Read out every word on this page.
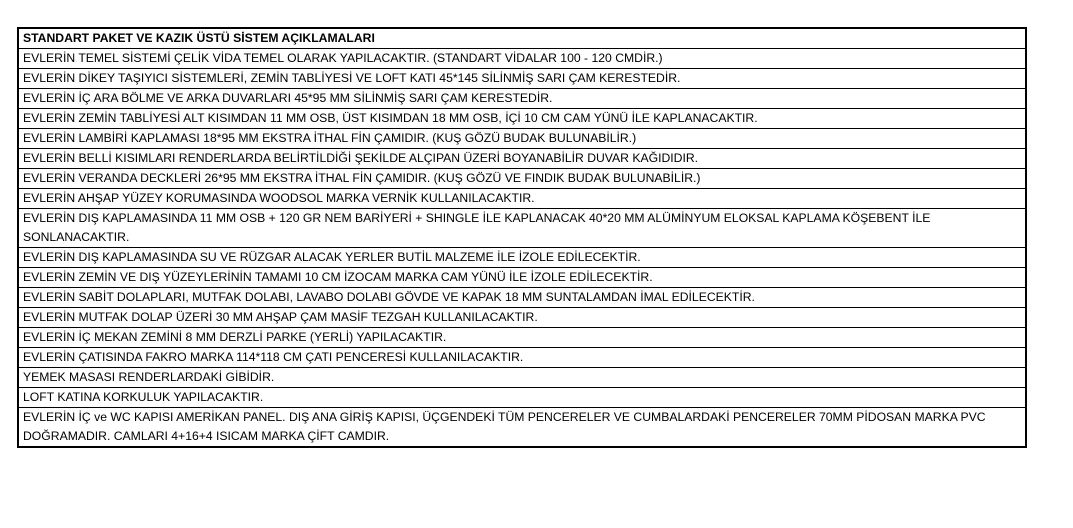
STANDART PAKET VE KAZIK ÜSTÜ SİSTEM AÇIKLAMALARI
EVLERİN TEMEL SİSTEMİ ÇELİK VİDA TEMEL OLARAK YAPILACAKTIR. (STANDART VİDALAR 100 - 120 CMDİR.)
EVLERİN DİKEY TAŞIYICI SİSTEMLERİ, ZEMİN TABLİYESİ VE LOFT KATI 45*145 SİLİNMİŞ SARI ÇAM KERESTEDİR.
EVLERİN İÇ ARA BÖLME VE ARKA DUVARLARI 45*95 MM SİLİNMİŞ SARI ÇAM KERESTEDİR.
EVLERİN ZEMİN TABLİYESİ ALT KISIMDAN 11 MM OSB, ÜST KISIMDAN 18 MM OSB, İÇİ 10 CM CAM YÜNÜ İLE KAPLANACAKTIR.
EVLERİN LAMBİRİ KAPLAMASI 18*95 MM EKSTRA İTHAL FİN ÇAMIDIR. (KUŞ GÖZÜ BUDAK BULUNABİLİR.)
EVLERİN BELLİ KISIMLARI RENDERLARDA BELİRTİLDİĞİ ŞEKİLDE ALÇIPAN ÜZERİ BOYANABİLİR DUVAR KAĞIDIDIR.
EVLERİN VERANDA DECKLERİ 26*95 MM EKSTRA İTHAL FİN ÇAMIDIR. (KUŞ GÖZÜ VE FINDIK BUDAK BULUNABİLİR.)
EVLERİN AHŞAP YÜZEY KORUMASINDA WOODSOL MARKA VERNİK KULLANILACAKTIR.
EVLERİN DIŞ KAPLAMASINDA 11 MM OSB + 120 GR NEM BARİYERİ + SHINGLE İLE KAPLANACAK 40*20 MM ALÜMİNYUM ELOKSAL KAPLAMA KÖŞEBENT İLE SONLANACAKTIR.
EVLERİN DIŞ KAPLAMASINDA SU VE RÜZGAR ALACAK YERLER BUTİL MALZEME İLE İZOLE EDİLECEKTİR.
EVLERİN ZEMİN VE DIŞ YÜZEYLERİNİN TAMAMI 10 CM İZOCAM MARKA CAM YÜNÜ İLE İZOLE EDİLECEKTİR.
EVLERİN SABİT DOLAPLARI, MUTFAK DOLABI, LAVABO DOLABI GÖVDE VE KAPAK 18 MM SUNTALAMDAN İMAL EDİLECEKTİR.
EVLERİN MUTFAK DOLAP ÜZERİ 30 MM AHŞAP ÇAM MASİF TEZGAH KULLANILACAKTIR.
EVLERİN İÇ MEKAN ZEMİNİ 8 MM DERZLİ PARKE (YERLİ) YAPILACAKTIR.
EVLERİN ÇATISINDA FAKRO MARKA 114*118 CM ÇATI PENCERESİ KULLANILACAKTIR.
YEMEK MASASI RENDERLARDAKİ GİBİDİR.
LOFT KATINA KORKULUK YAPILACAKTIR.
EVLERİN İÇ ve WC KAPISI AMERİKAN PANEL. DIŞ ANA GİRİŞ KAPISI, ÜÇGENDEKİ TÜM PENCERELER VE CUMBALARDAKİ PENCERELER 70MM PİDOSAN MARKA PVC DOĞRAMADIR. CAMLARI 4+16+4 ISICAM MARKA ÇİFT CAMDIR.
